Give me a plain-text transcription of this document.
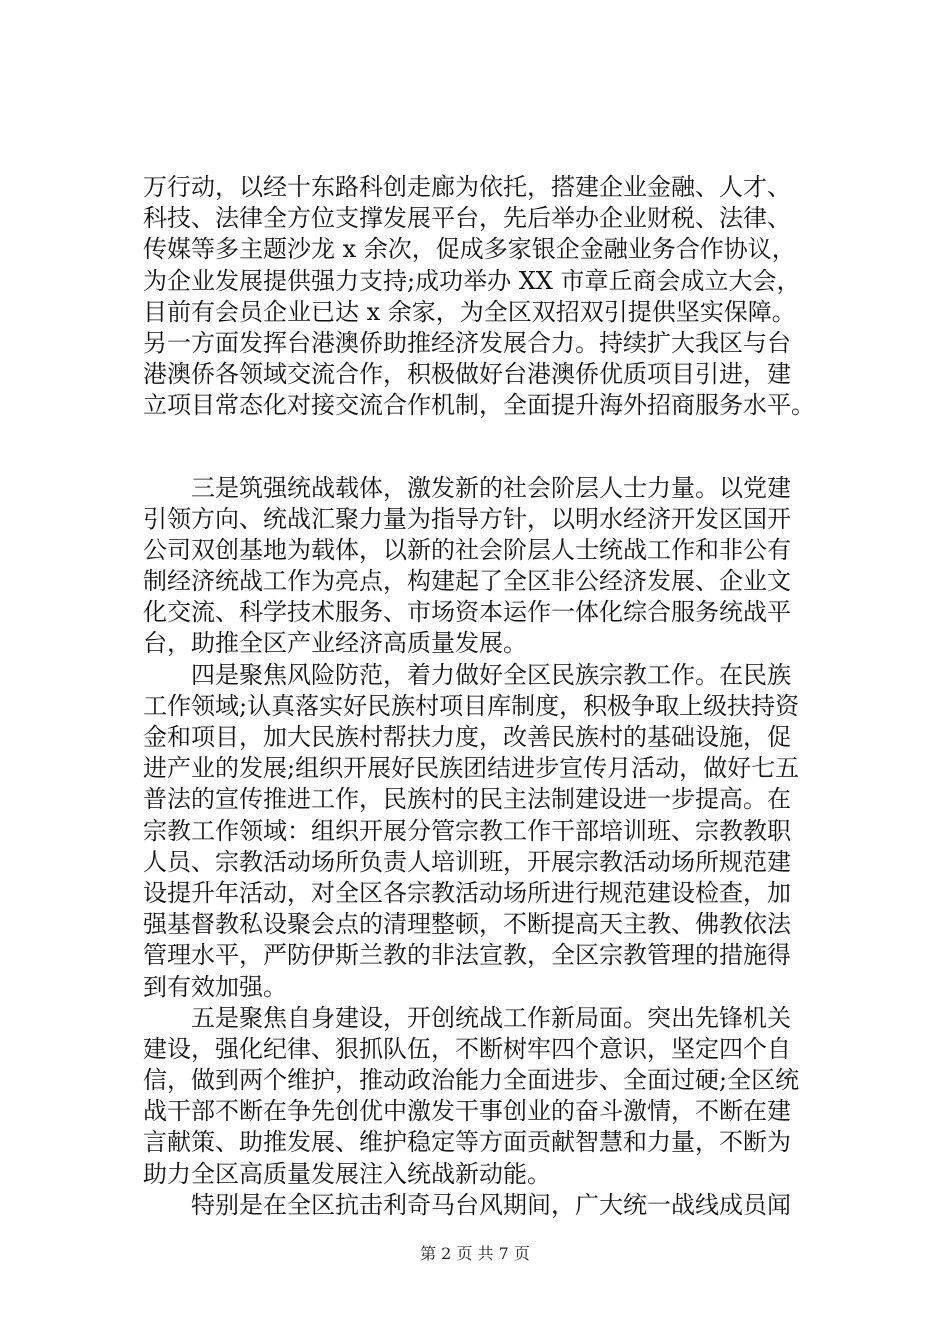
万行动，以经十东路科创走廊为依托，搭建企业金融、人才、
科技、法律全方位支撑发展平台，先后举办企业财税、法律、
传媒等多主题沙龙 x 余次，促成多家银企金融业务合作协议，
为企业发展提供强力支持;成功举办 XX 市章丘商会成立大会，
目前有会员企业已达 x 余家，为全区双招双引提供坚实保障。
另一方面发挥台港澳侨助推经济发展合力。持续扩大我区与台
港澳侨各领域交流合作，积极做好台港澳侨优质项目引进，建
立项目常态化对接交流合作机制，全面提升海外招商服务水平。
　　三是筑强统战载体，激发新的社会阶层人士力量。以党建
引领方向、统战汇聚力量为指导方针，以明水经济开发区国开
公司双创基地为载体，以新的社会阶层人士统战工作和非公有
制经济统战工作为亮点，构建起了全区非公经济发展、企业文
化交流、科学技术服务、市场资本运作一体化综合服务统战平
台，助推全区产业经济高质量发展。
　　四是聚焦风险防范，着力做好全区民族宗教工作。在民族
工作领域;认真落实好民族村项目库制度，积极争取上级扶持资
金和项目，加大民族村帮扶力度，改善民族村的基础设施，促
进产业的发展;组织开展好民族团结进步宣传月活动，做好七五
普法的宣传推进工作，民族村的民主法制建设进一步提高。在
宗教工作领域：组织开展分管宗教工作干部培训班、宗教教职
人员、宗教活动场所负责人培训班，开展宗教活动场所规范建
设提升年活动，对全区各宗教活动场所进行规范建设检查，加
强基督教私设聚会点的清理整顿，不断提高天主教、佛教依法
管理水平，严防伊斯兰教的非法宣教，全区宗教管理的措施得
到有效加强。
　　五是聚焦自身建设，开创统战工作新局面。突出先锋机关
建设，强化纪律、狠抓队伍，不断树牢四个意识，坚定四个自
信，做到两个维护，推动政治能力全面进步、全面过硬;全区统
战干部不断在争先创优中激发干事创业的奋斗激情，不断在建
言献策、助推发展、维护稳定等方面贡献智慧和力量，不断为
助力全区高质量发展注入统战新动能。
　　特别是在全区抗击利奇马台风期间，广大统一战线成员闻
第 2 页 共 7 页
